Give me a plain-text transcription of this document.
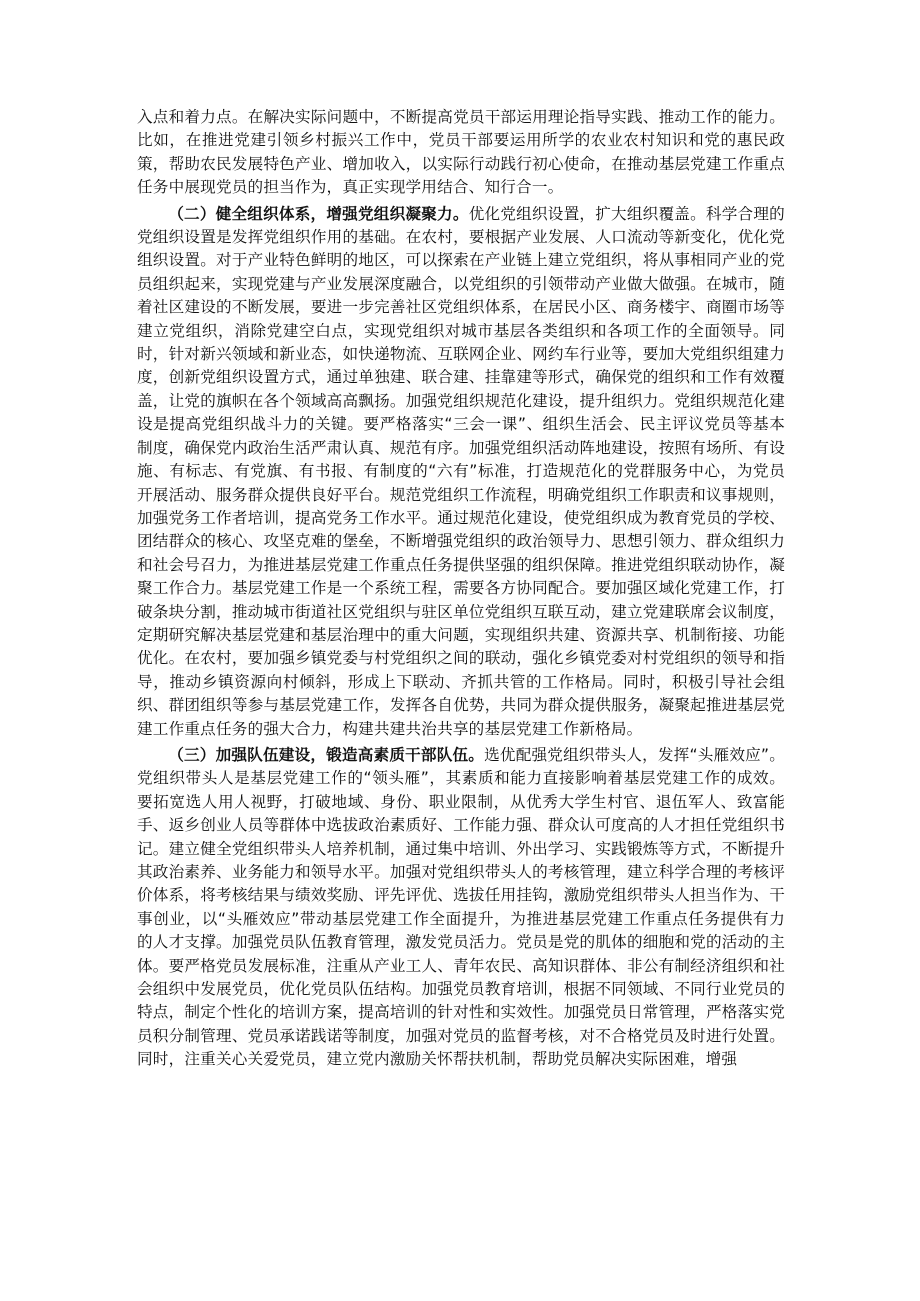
入点和着力点。在解决实际问题中，不断提高党员干部运用理论指导实践、推动工作的能力。比如，在推进党建引领乡村振兴工作中，党员干部要运用所学的农业农村知识和党的惠民政策，帮助农民发展特色产业、增加收入，以实际行动践行初心使命，在推动基层党建工作重点任务中展现党员的担当作为，真正实现学用结合、知行合一。

（二）健全组织体系，增强党组织凝聚力。优化党组织设置，扩大组织覆盖。科学合理的党组织设置是发挥党组织作用的基础。在农村，要根据产业发展、人口流动等新变化，优化党组织设置。对于产业特色鲜明的地区，可以探索在产业链上建立党组织，将从事相同产业的党员组织起来，实现党建与产业发展深度融合，以党组织的引领带动产业做大做强。在城市，随着社区建设的不断发展，要进一步完善社区党组织体系，在居民小区、商务楼宇、商圈市场等建立党组织，消除党建空白点，实现党组织对城市基层各类组织和各项工作的全面领导。同时，针对新兴领域和新业态，如快递物流、互联网企业、网约车行业等，要加大党组织组建力度，创新党组织设置方式，通过单独建、联合建、挂靠建等形式，确保党的组织和工作有效覆盖，让党的旗帜在各个领域高高飘扬。加强党组织规范化建设，提升组织力。党组织规范化建设是提高党组织战斗力的关键。要严格落实“三会一课”、组织生活会、民主评议党员等基本制度，确保党内政治生活严肃认真、规范有序。加强党组织活动阵地建设，按照有场所、有设施、有标志、有党旗、有书报、有制度的“六有”标准，打造规范化的党群服务中心，为党员开展活动、服务群众提供良好平台。规范党组织工作流程，明确党组织工作职责和议事规则，加强党务工作者培训，提高党务工作水平。通过规范化建设，使党组织成为教育党员的学校、团结群众的核心、攻坚克难的堡垒，不断增强党组织的政治领导力、思想引领力、群众组织力和社会号召力，为推进基层党建工作重点任务提供坚强的组织保障。推进党组织联动协作，凝聚工作合力。基层党建工作是一个系统工程，需要各方协同配合。要加强区域化党建工作，打破条块分割，推动城市街道社区党组织与驻区单位党组织互联互动，建立党建联席会议制度，定期研究解决基层党建和基层治理中的重大问题，实现组织共建、资源共享、机制衔接、功能优化。在农村，要加强乡镇党委与村党组织之间的联动，强化乡镇党委对村党组织的领导和指导，推动乡镇资源向村倾斜，形成上下联动、齐抓共管的工作格局。同时，积极引导社会组织、群团组织等参与基层党建工作，发挥各自优势，共同为群众提供服务，凝聚起推进基层党建工作重点任务的强大合力，构建共建共治共享的基层党建工作新格局。

（三）加强队伍建设，锻造高素质干部队伍。选优配强党组织带头人，发挥“头雁效应”。党组织带头人是基层党建工作的“领头雁”，其素质和能力直接影响着基层党建工作的成效。要拓宽选人用人视野，打破地域、身份、职业限制，从优秀大学生村官、退伍军人、致富能手、返乡创业人员等群体中选拔政治素质好、工作能力强、群众认可度高的人才担任党组织书记。建立健全党组织带头人培养机制，通过集中培训、外出学习、实践锻炼等方式，不断提升其政治素养、业务能力和领导水平。加强对党组织带头人的考核管理，建立科学合理的考核评价体系，将考核结果与绩效奖励、评先评优、选拔任用挂钩，激励党组织带头人担当作为、干事创业，以“头雁效应”带动基层党建工作全面提升，为推进基层党建工作重点任务提供有力的人才支撑。加强党员队伍教育管理，激发党员活力。党员是党的肌体的细胞和党的活动的主体。要严格党员发展标准，注重从产业工人、青年农民、高知识群体、非公有制经济组织和社会组织中发展党员，优化党员队伍结构。加强党员教育培训，根据不同领域、不同行业党员的特点，制定个性化的培训方案，提高培训的针对性和实效性。加强党员日常管理，严格落实党员积分制管理、党员承诺践诺等制度，加强对党员的监督考核，对不合格党员及时进行处置。同时，注重关心关爱党员，建立党内激励关怀帮扶机制，帮助党员解决实际困难，增强
